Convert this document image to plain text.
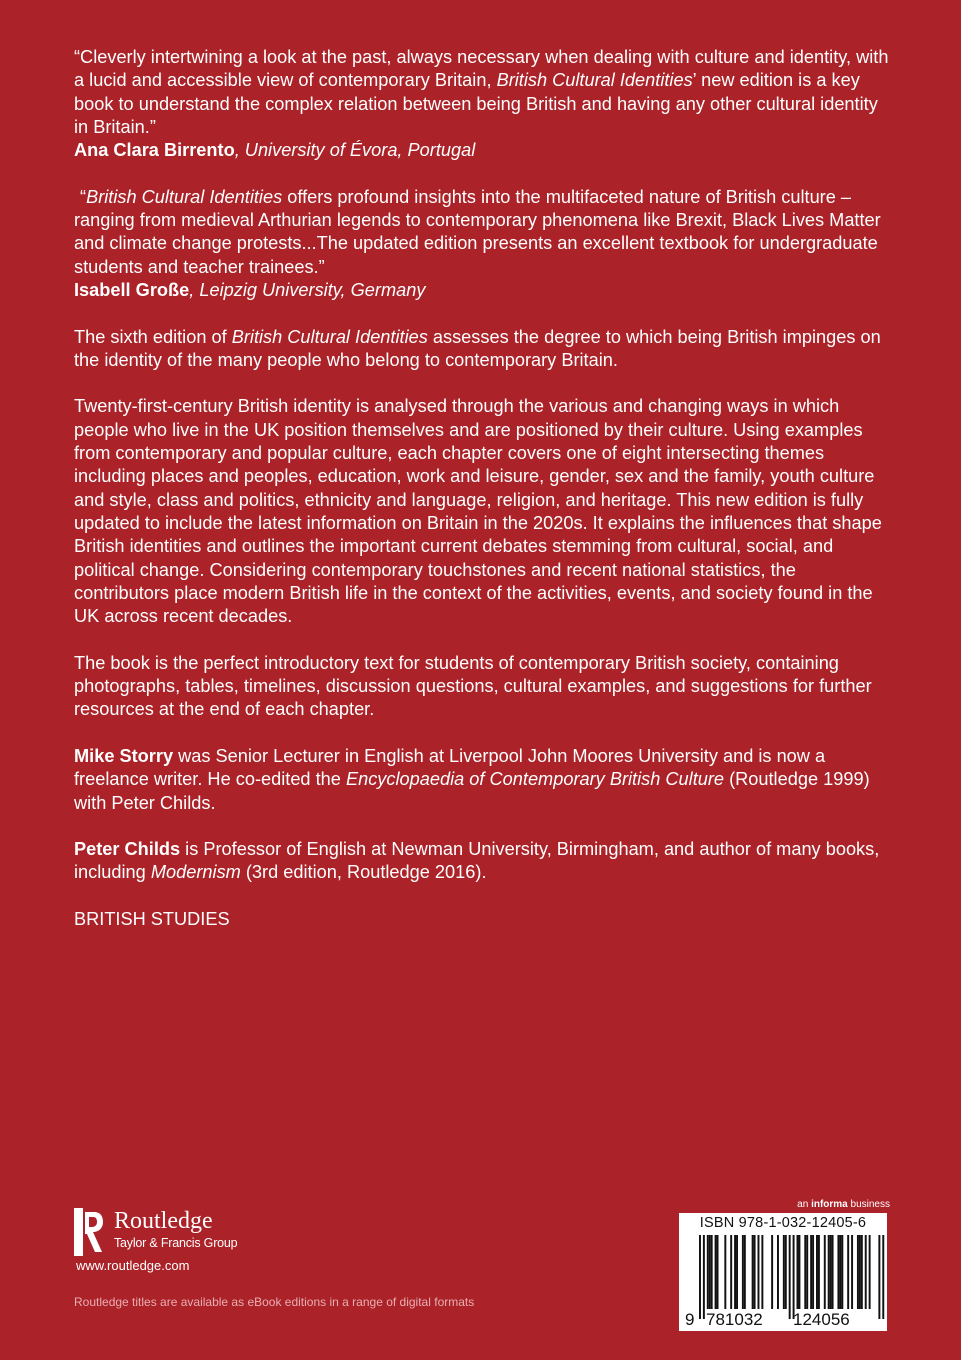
“Cleverly intertwining a look at the past, always necessary when dealing with culture and identity, with a lucid and accessible view of contemporary Britain, British Cultural Identities’ new edition is a key book to understand the complex relation between being British and having any other cultural identity in Britain.”
Ana Clara Birrento, University of Évora, Portugal

“British Cultural Identities offers profound insights into the multifaceted nature of British culture – ranging from medieval Arthurian legends to contemporary phenomena like Brexit, Black Lives Matter and climate change protests...The updated edition presents an excellent textbook for undergraduate students and teacher trainees.”
Isabell Große, Leipzig University, Germany

The sixth edition of British Cultural Identities assesses the degree to which being British impinges on the identity of the many people who belong to contemporary Britain.

Twenty-first-century British identity is analysed through the various and changing ways in which people who live in the UK position themselves and are positioned by their culture. Using examples from contemporary and popular culture, each chapter covers one of eight intersecting themes including places and peoples, education, work and leisure, gender, sex and the family, youth culture and style, class and politics, ethnicity and language, religion, and heritage. This new edition is fully updated to include the latest information on Britain in the 2020s. It explains the influences that shape British identities and outlines the important current debates stemming from cultural, social, and political change. Considering contemporary touchstones and recent national statistics, the contributors place modern British life in the context of the activities, events, and society found in the UK across recent decades.

The book is the perfect introductory text for students of contemporary British society, containing photographs, tables, timelines, discussion questions, cultural examples, and suggestions for further resources at the end of each chapter.

Mike Storry was Senior Lecturer in English at Liverpool John Moores University and is now a freelance writer. He co-edited the Encyclopaedia of Contemporary British Culture (Routledge 1999) with Peter Childs.

Peter Childs is Professor of English at Newman University, Birmingham, and author of many books, including Modernism (3rd edition, Routledge 2016).

BRITISH STUDIES

Routledge
Taylor & Francis Group
www.routledge.com
Routledge titles are available as eBook editions in a range of digital formats
an informa business
ISBN 978-1-032-12405-6
9 781032 124056
